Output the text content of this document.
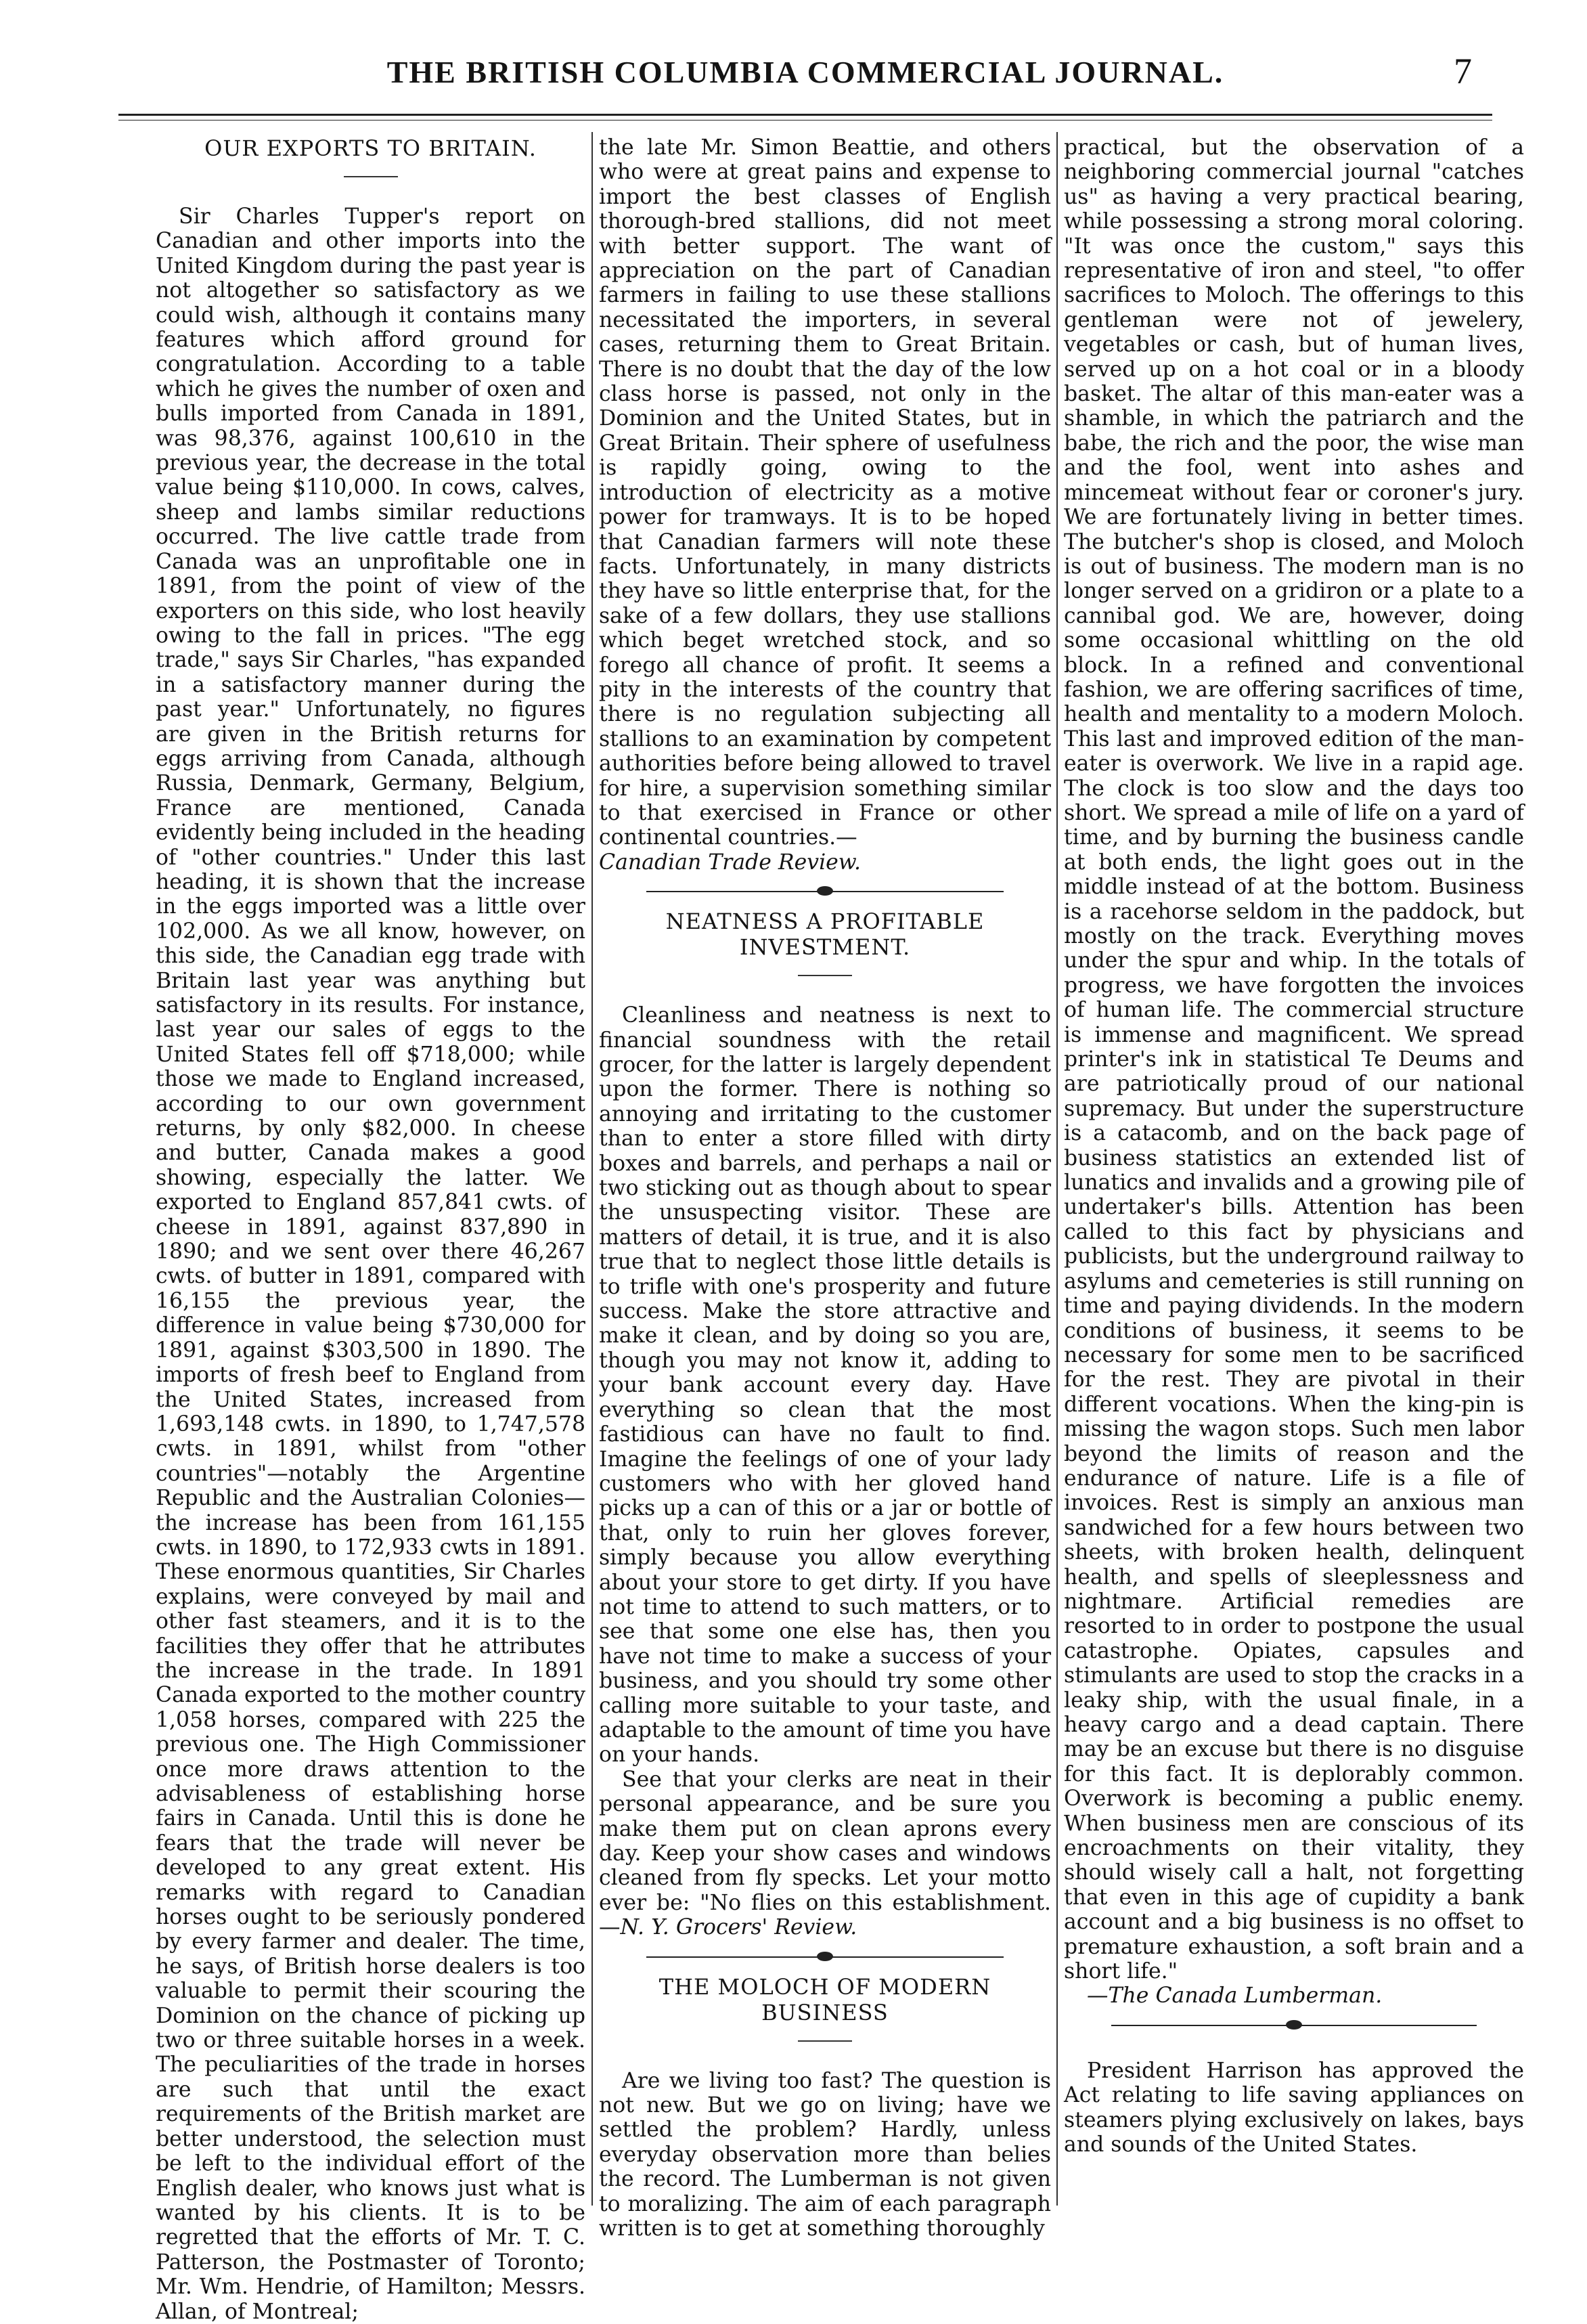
THE BRITISH COLUMBIA COMMERCIAL JOURNAL.	7
OUR EXPORTS TO BRITAIN.

Sir Charles Tupper's report on Canadian and other imports into the United Kingdom during the past year is not altogether so satisfactory as we could wish, although it contains many features which afford ground for congratulation. According to a table which he gives the number of oxen and bulls imported from Canada in 1891, was 98,376, against 100,610 in the previous year, the decrease in the total value being $110,000. In cows, calves, sheep and lambs similar reductions occurred. The live cattle trade from Canada was an unprofitable one in 1891, from the point of view of the exporters on this side, who lost heavily owing to the fall in prices. "The egg trade," says Sir Charles, "has expanded in a satisfactory manner during the past year." Unfortunately, no figures are given in the British returns for eggs arriving from Canada, although Russia, Denmark, Germany, Belgium, France are mentioned, Canada evidently being included in the heading of "other countries." Under this last heading, it is shown that the increase in the eggs imported was a little over 102,000. As we all know, however, on this side, the Canadian egg trade with Britain last year was anything but satisfactory in its results. For instance, last year our sales of eggs to the United States fell off $718,000; while those we made to England increased, according to our own government returns, by only $82,000. In cheese and butter, Canada makes a good showing, especially the latter. We exported to England 857,841 cwts. of cheese in 1891, against 837,890 in 1890; and we sent over there 46,267 cwts. of butter in 1891, compared with 16,155 the previous year, the difference in value being $730,000 for 1891, against $303,500 in 1890. The imports of fresh beef to England from the United States, increased from 1,693,148 cwts. in 1890, to 1,747,578 cwts. in 1891, whilst from "other countries"—notably the Argentine Republic and the Australian Colonies—the increase has been from 161,155 cwts. in 1890, to 172,933 cwts in 1891. These enormous quantities, Sir Charles explains, were conveyed by mail and other fast steamers, and it is to the facilities they offer that he attributes the increase in the trade. In 1891 Canada exported to the mother country 1,058 horses, compared with 225 the previous one. The High Commissioner once more draws attention to the advisableness of establishing horse fairs in Canada. Until this is done he fears that the trade will never be developed to any great extent. His remarks with regard to Canadian horses ought to be seriously pondered by every farmer and dealer. The time, he says, of British horse dealers is too valuable to permit their scouring the Dominion on the chance of picking up two or three suitable horses in a week. The peculiarities of the trade in horses are such that until the exact requirements of the British market are better understood, the selection must be left to the individual effort of the English dealer, who knows just what is wanted by his clients. It is to be regretted that the efforts of Mr. T. C. Patterson, the Postmaster of Toronto; Mr. Wm. Hendrie, of Hamilton; Messrs. Allan, of Montreal;

the late Mr. Simon Beattie, and others who were at great pains and expense to import the best classes of English thorough-bred stallions, did not meet with better support. The want of appreciation on the part of Canadian farmers in failing to use these stallions necessitated the importers, in several cases, returning them to Great Britain. There is no doubt that the day of the low class horse is passed, not only in the Dominion and the United States, but in Great Britain. Their sphere of usefulness is rapidly going, owing to the introduction of electricity as a motive power for tramways. It is to be hoped that Canadian farmers will note these facts. Unfortunately, in many districts they have so little enterprise that, for the sake of a few dollars, they use stallions which beget wretched stock, and so forego all chance of profit. It seems a pity in the interests of the country that there is no regulation subjecting all stallions to an examination by competent authorities before being allowed to travel for hire, a supervision something similar to that exercised in France or other continental countries.—

Canadian Trade Review.
NEATNESS A PROFITABLE INVESTMENT.

Cleanliness and neatness is next to financial soundness with the retail grocer, for the latter is largely dependent upon the former. There is nothing so annoying and irritating to the customer than to enter a store filled with dirty boxes and barrels, and perhaps a nail or two sticking out as though about to spear the unsuspecting visitor. These are matters of detail, it is true, and it is also true that to neglect those little details is to trifle with one's prosperity and future success. Make the store attractive and make it clean, and by doing so you are, though you may not know it, adding to your bank account every day. Have everything so clean that the most fastidious can have no fault to find. Imagine the feelings of one of your lady customers who with her gloved hand picks up a can of this or a jar or bottle of that, only to ruin her gloves forever, simply because you allow everything about your store to get dirty. If you have not time to attend to such matters, or to see that some one else has, then you have not time to make a success of your business, and you should try some other calling more suitable to your taste, and adaptable to the amount of time you have on your hands.

See that your clerks are neat in their personal appearance, and be sure you make them put on clean aprons every day. Keep your show cases and windows cleaned from fly specks. Let your motto ever be: "No flies on this establishment.—N. Y. Grocers' Review.

THE MOLOCH OF MODERN BUSINESS

Are we living too fast? The question is not new. But we go on living; have we settled the problem? Hardly, unless everyday observation more than belies the record. The Lumberman is not given to moralizing. The aim of each paragraph written is to get at something thoroughly

practical, but the observation of a neighboring commercial journal "catches us" as having a very practical bearing, while possessing a strong moral coloring. "It was once the custom," says this representative of iron and steel, "to offer sacrifices to Moloch. The offerings to this gentleman were not of jewelery, vegetables or cash, but of human lives, served up on a hot coal or in a bloody basket. The altar of this man-eater was a shamble, in which the patriarch and the babe, the rich and the poor, the wise man and the fool, went into ashes and mincemeat without fear or coroner's jury. We are fortunately living in better times. The butcher's shop is closed, and Moloch is out of business. The modern man is no longer served on a gridiron or a plate to a cannibal god. We are, however, doing some occasional whittling on the old block. In a refined and conventional fashion, we are offering sacrifices of time, health and mentality to a modern Moloch. This last and improved edition of the man-eater is overwork. We live in a rapid age. The clock is too slow and the days too short. We spread a mile of life on a yard of time, and by burning the business candle at both ends, the light goes out in the middle instead of at the bottom. Business is a racehorse seldom in the paddock, but mostly on the track. Everything moves under the spur and whip. In the totals of progress, we have forgotten the invoices of human life. The commercial structure is immense and magnificent. We spread printer's ink in statistical Te Deums and are patriotically proud of our national supremacy. But under the superstructure is a catacomb, and on the back page of business statistics an extended list of lunatics and invalids and a growing pile of undertaker's bills. Attention has been called to this fact by physicians and publicists, but the underground railway to asylums and cemeteries is still running on time and paying dividends. In the modern conditions of business, it seems to be necessary for some men to be sacrificed for the rest. They are pivotal in their different vocations. When the king-pin is missing the wagon stops. Such men labor beyond the limits of reason and the endurance of nature. Life is a file of invoices. Rest is simply an anxious man sandwiched for a few hours between two sheets, with broken health, delinquent health, and spells of sleeplessness and nightmare. Artificial remedies are resorted to in order to postpone the usual catastrophe. Opiates, capsules and stimulants are used to stop the cracks in a leaky ship, with the usual finale, in a heavy cargo and a dead captain. There may be an excuse but there is no disguise for this fact. It is deplorably common. Overwork is becoming a public enemy. When business men are conscious of its encroachments on their vitality, they should wisely call a halt, not forgetting that even in this age of cupidity a bank account and a big business is no offset to premature exhaustion, a soft brain and a short life."

—The Canada Lumberman.

President Harrison has approved the Act relating to life saving appliances on steamers plying exclusively on lakes, bays and sounds of the United States.
